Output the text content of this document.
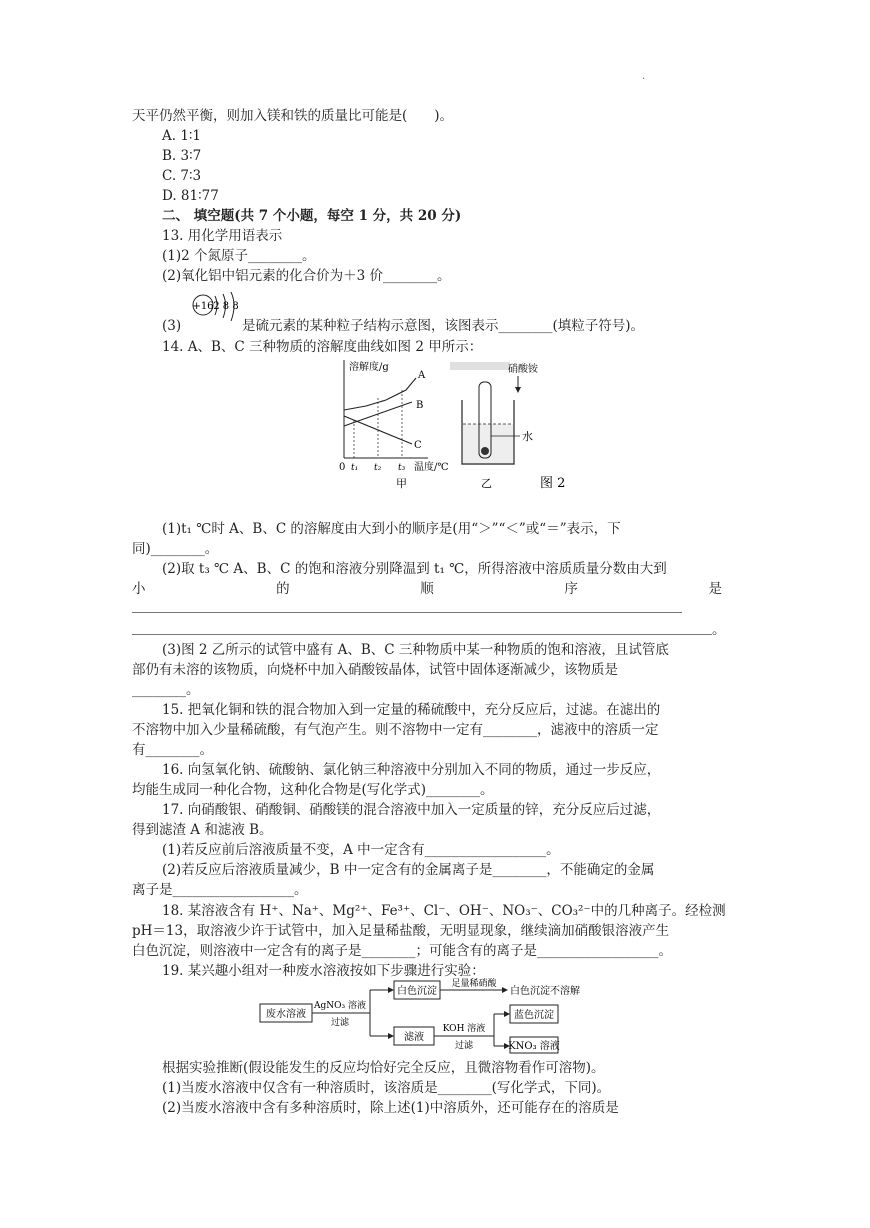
·
天平仍然平衡，则加入镁和铁的质量比可能是(　　)。
A. 1∶1
B. 3∶7
C. 7∶3
D. 81∶77
二、 填空题(共 7 个小题，每空 1 分，共 20 分)
13. 用化学用语表示
(1)2 个氮原子________。
(2)氧化铝中铝元素的化合价为＋3 价________。
+16 2 8 8
(3)	是硫元素的某种粒子结构示意图，该图表示________(填粒子符号)。
14. A、B、C 三种物质的溶解度曲线如图 2 甲所示：
溶解度/g
A
B
C
0 t₁ t₂ t₃ 温度/℃
甲
硝酸铵
水
乙	图 2
(1)t₁ ℃时 A、B、C 的溶解度由大到小的顺序是(用“＞”“＜”或“＝”表示，下
同)________。
(2)取 t₃ ℃ A、B、C 的饱和溶液分别降温到 t₁ ℃，所得溶液中溶质质量分数由大到
小	的	顺	序	是
。
(3)图 2 乙所示的试管中盛有 A、B、C 三种物质中某一种物质的饱和溶液，且试管底
部仍有未溶的该物质，向烧杯中加入硝酸铵晶体，试管中固体逐渐减少，该物质是
________。
15. 把氧化铜和铁的混合物加入到一定量的稀硫酸中，充分反应后，过滤。在滤出的
不溶物中加入少量稀硫酸，有气泡产生。则不溶物中一定有________，滤液中的溶质一定
有________。
16. 向氢氧化钠、硫酸钠、氯化钠三种溶液中分别加入不同的物质，通过一步反应，
均能生成同一种化合物，这种化合物是(写化学式)________。
17. 向硝酸银、硝酸铜、硝酸镁的混合溶液中加入一定质量的锌，充分反应后过滤，
得到滤渣 A 和滤液 B。
(1)若反应前后溶液质量不变，A 中一定含有__________________。
(2)若反应后溶液质量减少，B 中一定含有的金属离子是________，不能确定的金属
离子是__________________。
18. 某溶液含有 H⁺、Na⁺、Mg²⁺、Fe³⁺、Cl⁻、OH⁻、NO₃⁻、CO₃²⁻中的几种离子。经检测
pH＝13，取溶液少许于试管中，加入足量稀盐酸，无明显现象，继续滴加硝酸银溶液产生
白色沉淀，则溶液中一定含有的离子是________；可能含有的离子是__________________。
19. 某兴趣小组对一种废水溶液按如下步骤进行实验：
废水溶液
AgNO₃ 溶液
过滤
白色沉淀
足量稀硝酸
白色沉淀不溶解
滤液
KOH 溶液
过滤
蓝色沉淀
KNO₃ 溶液
根据实验推断(假设能发生的反应均恰好完全反应，且微溶物看作可溶物)。
(1)当废水溶液中仅含有一种溶质时，该溶质是________(写化学式，下同)。
(2)当废水溶液中含有多种溶质时，除上述(1)中溶质外，还可能存在的溶质是
